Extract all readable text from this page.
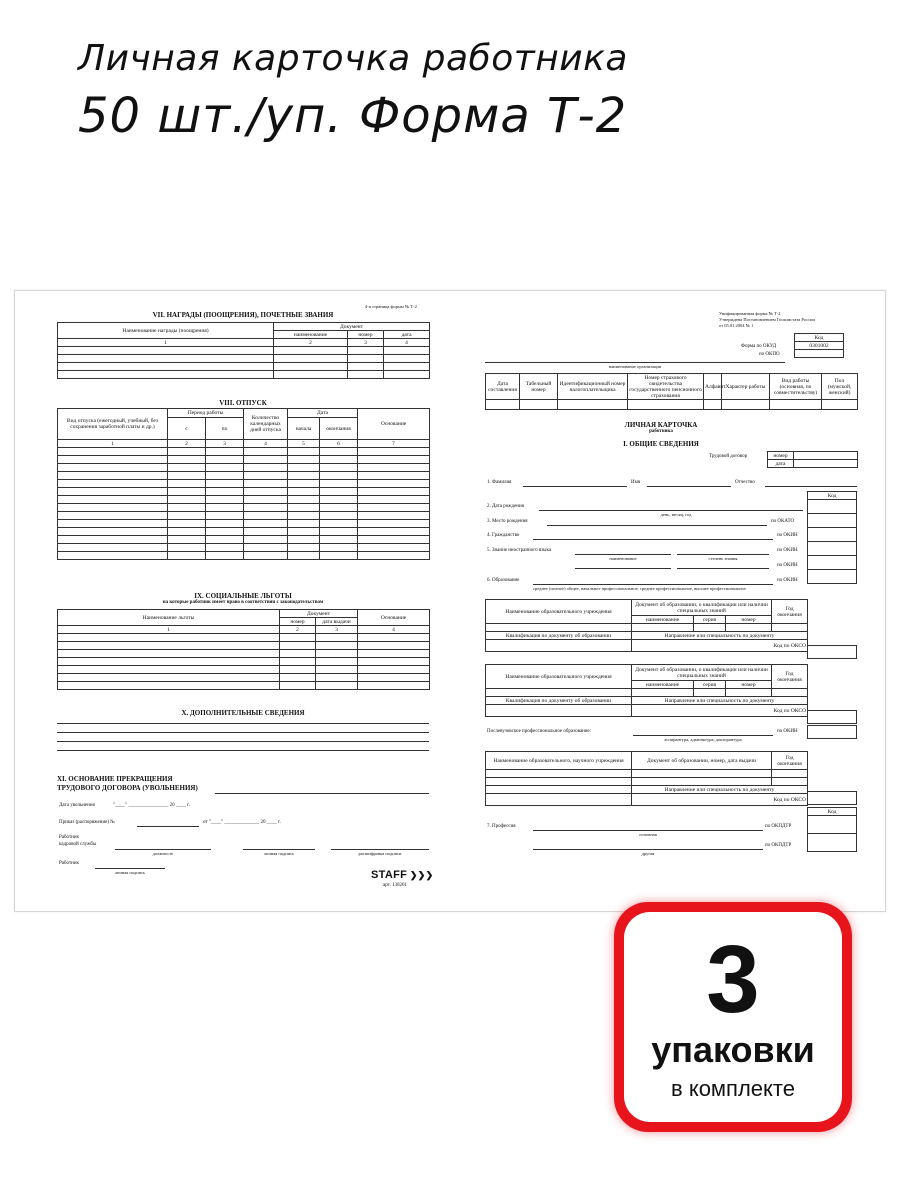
Личная карточка работника
50 шт./уп. Форма Т-2
4-я страница формы № Т-2
VII. НАГРАДЫ (ПООЩРЕНИЯ), ПОЧЕТНЫЕ ЗВАНИЯ
Наименование награды (поощрения)	Документ		
	наименование	номер	дата
1	2	3	4

VIII. ОТПУСК
Вид отпуска (ежегодный, учебный, без сохранения заработной платы и др.)	Период работы		Количество календарных дней отпуска	Дата		Основание
	с	по		начала	окончания	
1	2	3	4	5	6	7

IX. СОЦИАЛЬНЫЕ ЛЬГОТЫ
на которые работник имеет право в соответствии с законодательством
Наименование льготы	Документ		Основание
	номер	дата выдачи	
1	2	3	4

X. ДОПОЛНИТЕЛЬНЫЕ СВЕДЕНИЯ
XI. ОСНОВАНИЕ ПРЕКРАЩЕНИЯ
ТРУДОВОГО ДОГОВОРА (УВОЛЬНЕНИЯ)
Дата увольнения	"____" ________________ 20 ____ г.
Приказ (распоряжение) №	от "____" ______________ 20 ____ г.
Работник
кадровой службы
должность	личная подпись	расшифровка подписи
Работник
личная подпись	STAFF ❯❯❯
арт. 130201
Унифицированная форма № Т-2
Утверждена Постановлением Госкомстата России
от 05.01.2004 № 1
Код
0301002

Форма по ОКУД
по ОКПО
наименование организации
Дата составления	Табельный номер	Идентификационный номер налогоплательщика	Номер страхового свидетельства государственного пенсионного страхования	Алфавит	Характер работы	Вид работы (основная, по совместительству)	Пол (мужской, женский)

ЛИЧНАЯ КАРТОЧКА
работника
I. ОБЩИЕ СВЕДЕНИЯ
Трудовой договор	номер	
дата	
1. Фамилия	Имя	Отчество
Код

2. Дата рождения
день, месяц, год
3. Место рождения	по ОКАТО
4. Гражданство	по ОКИН
5. Знание иностранного языка	по ОКИН
наименование	степень знания
по ОКИН
6. Образование	по ОКИН
среднее (полное) общее, начальное профессиональное, среднее профессиональное, высшее профессиональное
Наименование образовательного учреждения	Документ об образовании, о квалификации или наличии специальных знаний			Год окончания
	наименование	серия	номер	

Квалификация по документу об образовании	Направление или специальность по документу			
	Код по ОКСО			
Наименование образовательного учреждения	Документ об образовании, о квалификации или наличии специальных знаний			Год окончания
	наименование	серия	номер	

Квалификация по документу об образовании	Направление или специальность по документу			
	Код по ОКСО			
Послевузовское профессиональное образование:	по ОКИН
аспирантура, адъюнктура, докторантура
Наименование образовательного, научного учреждения	Документ об образовании, номер, дата выдачи	Год окончания

	Направление или специальность по документу	
	Код по ОКСО	
Код

7. Профессия	по ОКПДТР
основная
по ОКПДТР
другая
3
упаковки
в комплекте
